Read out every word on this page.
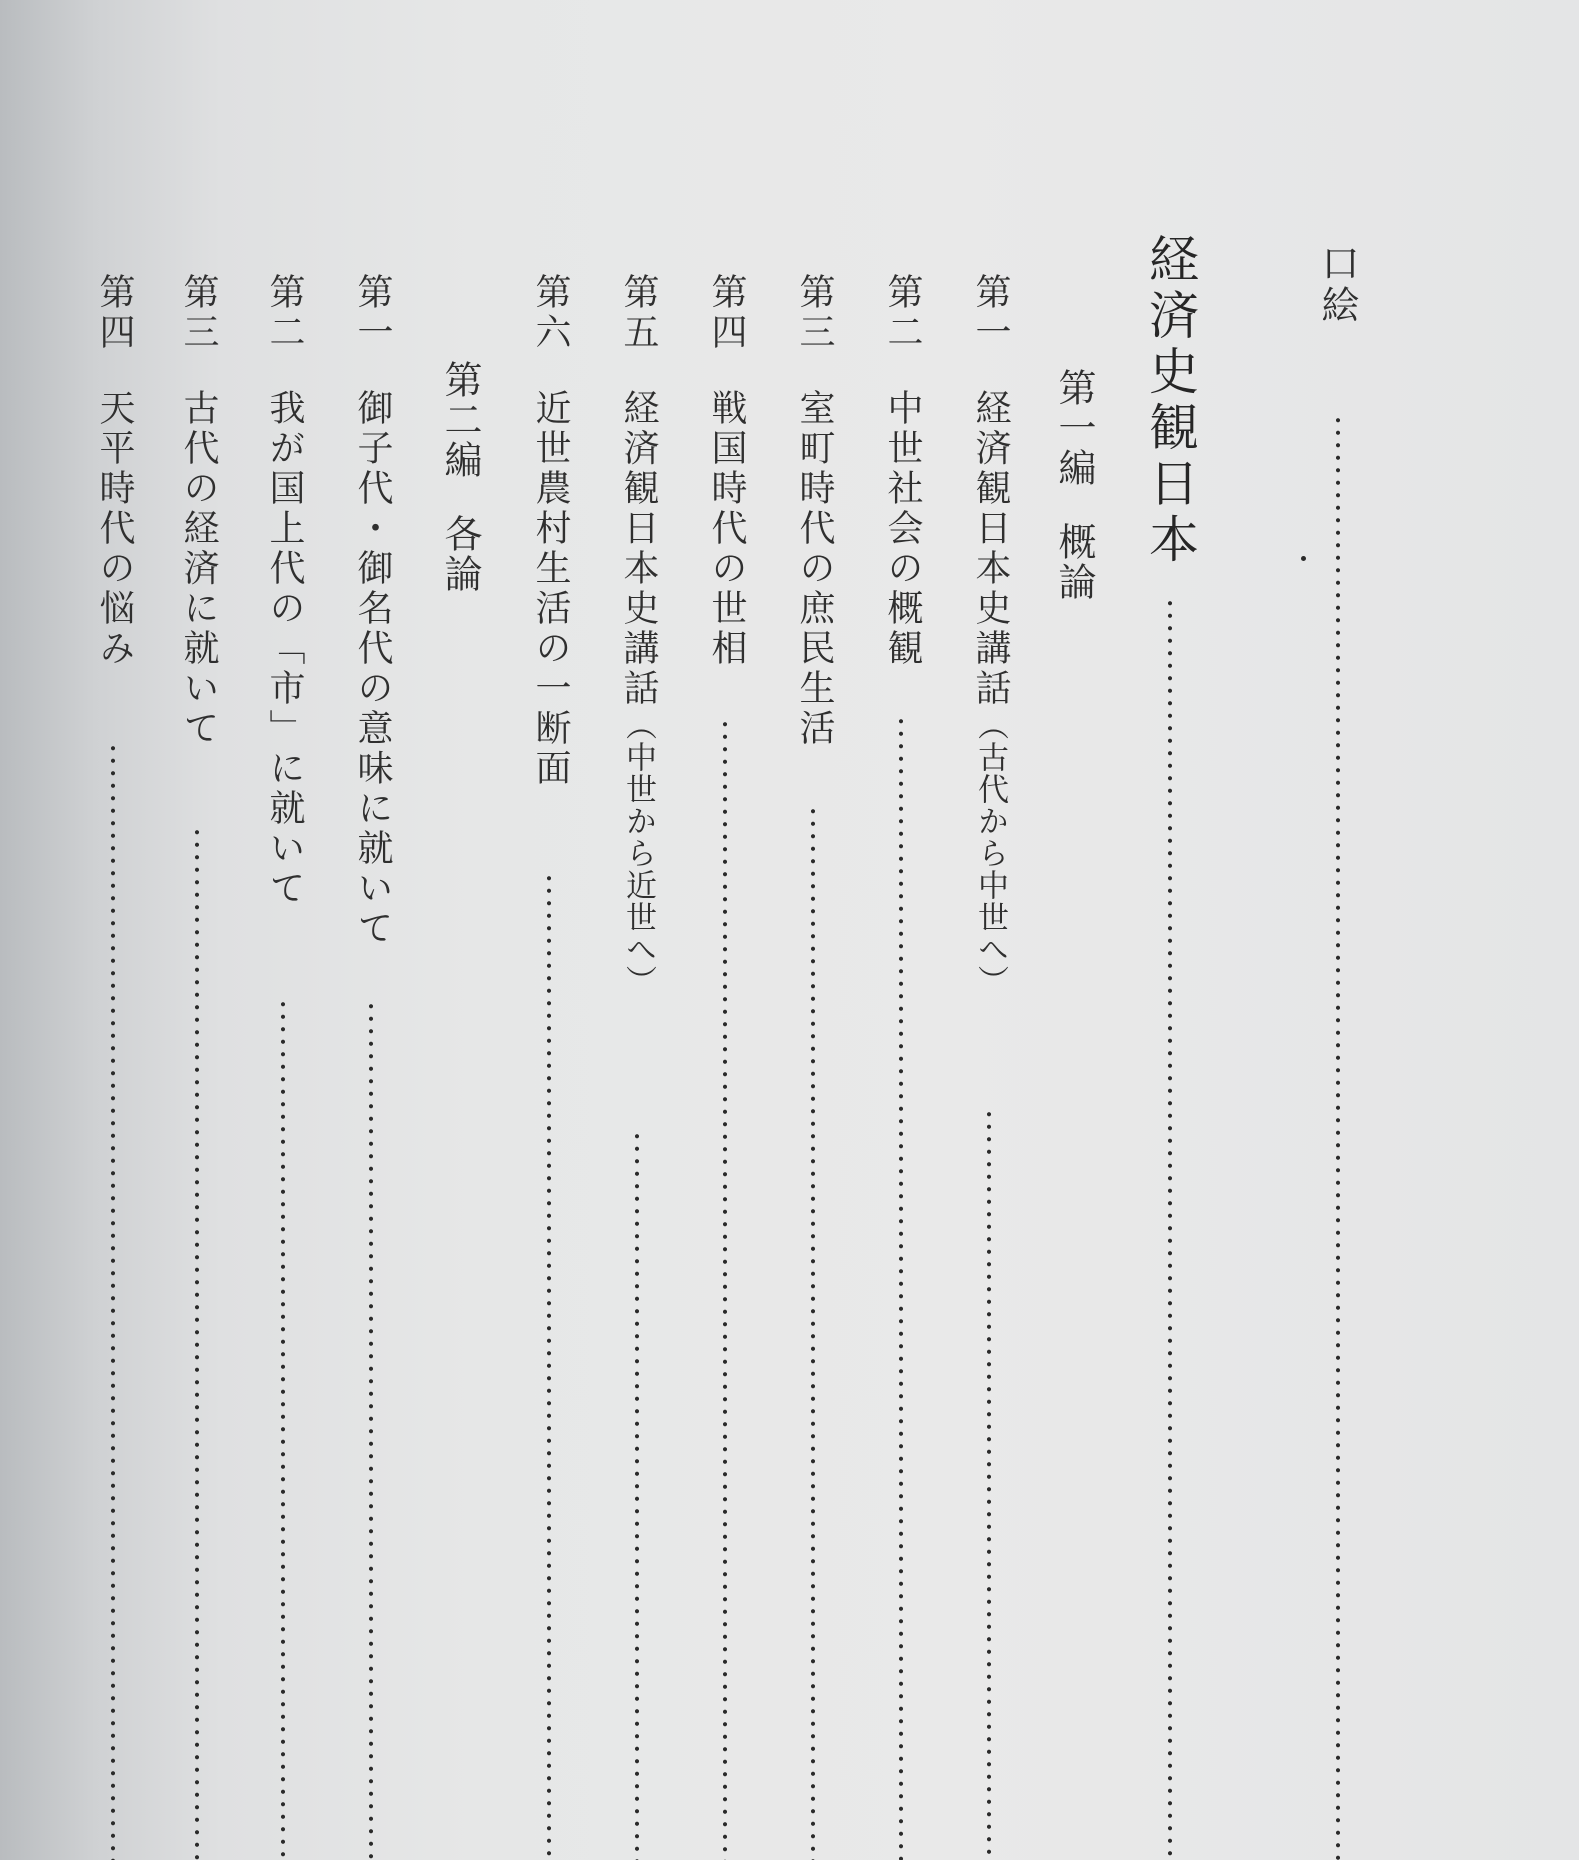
口絵
経済史観日本
第一編概論
第一経済観日本史講話（古代から中世へ）
第二中世社会の概観
第三室町時代の庶民生活
第四戦国時代の世相
第五経済観日本史講話（中世から近世へ）
第六近世農村生活の一断面
第二編各論
第一御子代・御名代の意味に就いて
第二我が国上代の「市」に就いて
第三古代の経済に就いて
第四天平時代の悩み
